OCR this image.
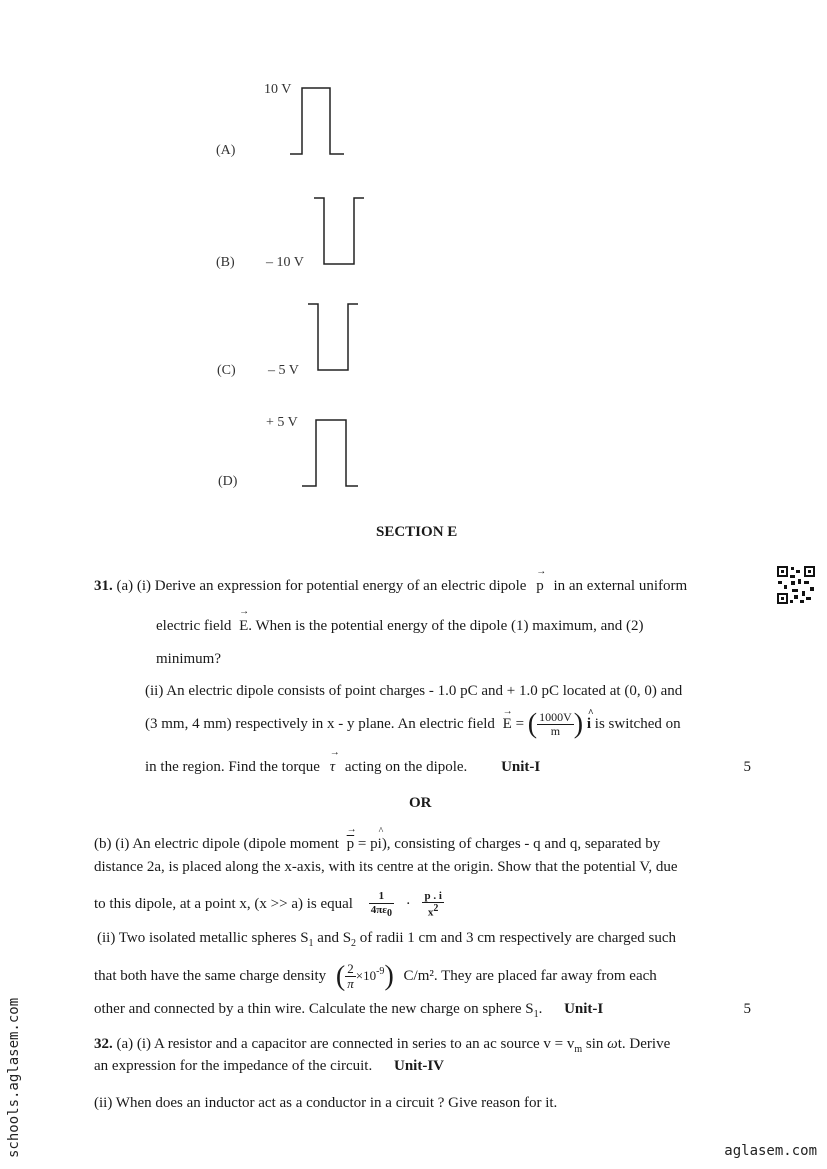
10 V
(A)
– 10 V
(B)
– 5 V
(C)
+ 5 V
(D)
SECTION E
31. (a) (i) Derive an expression for potential energy of an electric dipole → p in an external uniform
electric field → E. When is the potential energy of the dipole (1) maximum, and (2)
minimum?
(ii) An electric dipole consists of point charges - 1.0 pC and + 1.0 pC located at (0, 0) and
(3 mm, 4 mm) respectively in x - y plane. An electric field → E = ( $\frac{1000V}{m}$ ) ^ i is switched on
in the region. Find the torque → τ acting on the dipole. Unit-I	5
OR
(b) (i) An electric dipole (dipole moment → $\overline{p}$ = p^ i), consisting of charges - q and q, separated by
distance 2a, is placed along the x-axis, with its centre at the origin. Show that the potential V, due
to this dipole, at a point x, (x >> a) is equal $\frac{1}{4\pi\varepsilon_0} \cdot \frac{p . i}{x^2}$
(ii) Two isolated metallic spheres $S_1$ and $S_2$ of radii 1 cm and 3 cm respectively are charged such
that both have the same charge density ( $\frac{2}{\pi} \times 10^{-9}$) C/m². They are placed far away from each
other and connected by a thin wire. Calculate the new charge on sphere $S_1$. Unit-I	5
32. (a) (i) A resistor and a capacitor are connected in series to an ac source $v = v_m$ sin ωt. Derive
an expression for the impedance of the circuit. Unit-IV
(ii) When does an inductor act as a conductor in a circuit ? Give reason for it.
schools.aglasem.com	aglasem.com
